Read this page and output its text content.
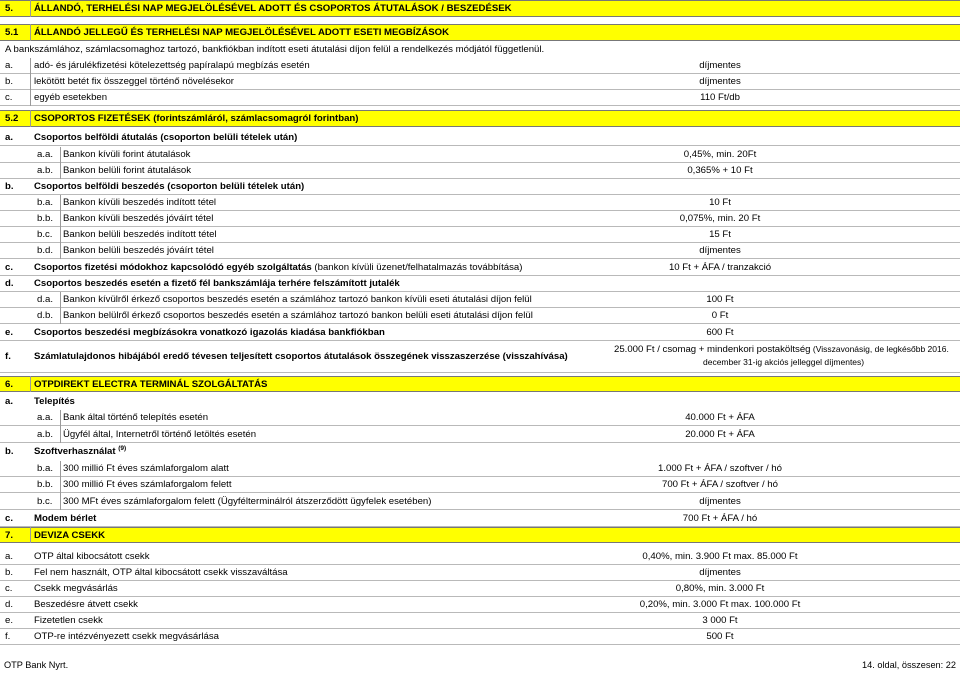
5. ÁLLANDÓ, TERHELÉSI NAP MEGJELÖLÉSÉVEL ADOTT ÉS CSOPORTOS ÁTUTALÁSOK / BESZEDÉSEK
5.1 ÁLLANDÓ JELLEGŰ ÉS TERHELÉSI NAP MEGJELÖLÉSÉVEL ADOTT ESETI MEGBÍZÁSOK
A bankszámlához, számlacsomaghoz tartozó, bankfiókban indított eseti átutalási díjon felül a rendelkezés módjától függetlenül.
a. adó- és járulékfizetési kötelezettség papíralapú megbízás esetén	díjmentes
b. lekötött betét fix összeggel történő növelésekor	díjmentes
c. egyéb esetekben	110 Ft/db
5.2 CSOPORTOS FIZETÉSEK (forintszámláról, számlacsomagról forintban)
a. Csoportos belföldi átutalás (csoporton belüli tételek után)
a.a. Bankon kívüli forint átutalások	0,45%, min. 20Ft
a.b. Bankon belüli forint átutalások	0,365% + 10 Ft
b. Csoportos belföldi beszedés (csoporton belüli tételek után)
b.a. Bankon kívüli beszedés indított tétel	10 Ft
b.b. Bankon kívüli beszedés jóváírt tétel	0,075%, min. 20 Ft
b.c. Bankon belüli beszedés indított tétel	15 Ft
b.d. Bankon belüli beszedés jóváírt tétel	díjmentes
c. Csoportos fizetési módokhoz kapcsolódó egyéb szolgáltatás (bankon kívüli üzenet/felhatalmazás továbbítása)	10 Ft + ÁFA / tranzakció
d. Csoportos beszedés esetén a fizető fél bankszámlája terhére felszámított jutalék
d.a. Bankon kívülről érkező csoportos beszedés esetén a számlához tartozó bankon kívüli eseti átutalási díjon felül	100 Ft
d.b. Bankon belülről érkező csoportos beszedés esetén a számlához tartozó bankon belüli eseti átutalási díjon felül	0 Ft
e. Csoportos beszedési megbízásokra vonatkozó igazolás kiadása bankfiókban	600 Ft
f. Számlatulajdonos hibájából eredő tévesen teljesített csoportos átutalások összegének visszaszerzése (visszahívása)
25.000 Ft / csomag + mindenkori postaköltség (Visszavonásig, de legkésőbb 2016.
december 31-ig akciós jelleggel díjmentes)
6. OTPDIREKT ELECTRA TERMINÁL SZOLGÁLTATÁS
a. Telepítés
a.a. Bank által történő telepítés esetén	40.000 Ft + ÁFA
a.b. Ügyfél által, Internetről történő letöltés esetén	20.000 Ft + ÁFA
b. Szoftverhasználat $^{(9)}$
b.a. 300 millió Ft éves számlaforgalom alatt	1.000 Ft + ÁFA / szoftver / hó
b.b. 300 millió Ft éves számlaforgalom felett	700 Ft + ÁFA / szoftver / hó
b.c. 300 MFt éves számlaforgalom felett (Ügyfélterminálról átszerződött ügyfelek esetében)	díjmentes
c. Modem bérlet	700 Ft + ÁFA / hó
7. DEVIZA CSEKK
a. OTP által kibocsátott csekk	0,40%, min. 3.900 Ft max. 85.000 Ft
b. Fel nem használt, OTP által kibocsátott csekk visszaváltása	díjmentes
c. Csekk megvásárlás	0,80%, min. 3.000 Ft
d. Beszedésre átvett csekk	0,20%, min. 3.000 Ft max. 100.000 Ft
e. Fizetetlen csekk	3 000 Ft
f. OTP-re intézvényezett csekk megvásárlása	500 Ft
OTP Bank Nyrt.	14. oldal, összesen: 22
